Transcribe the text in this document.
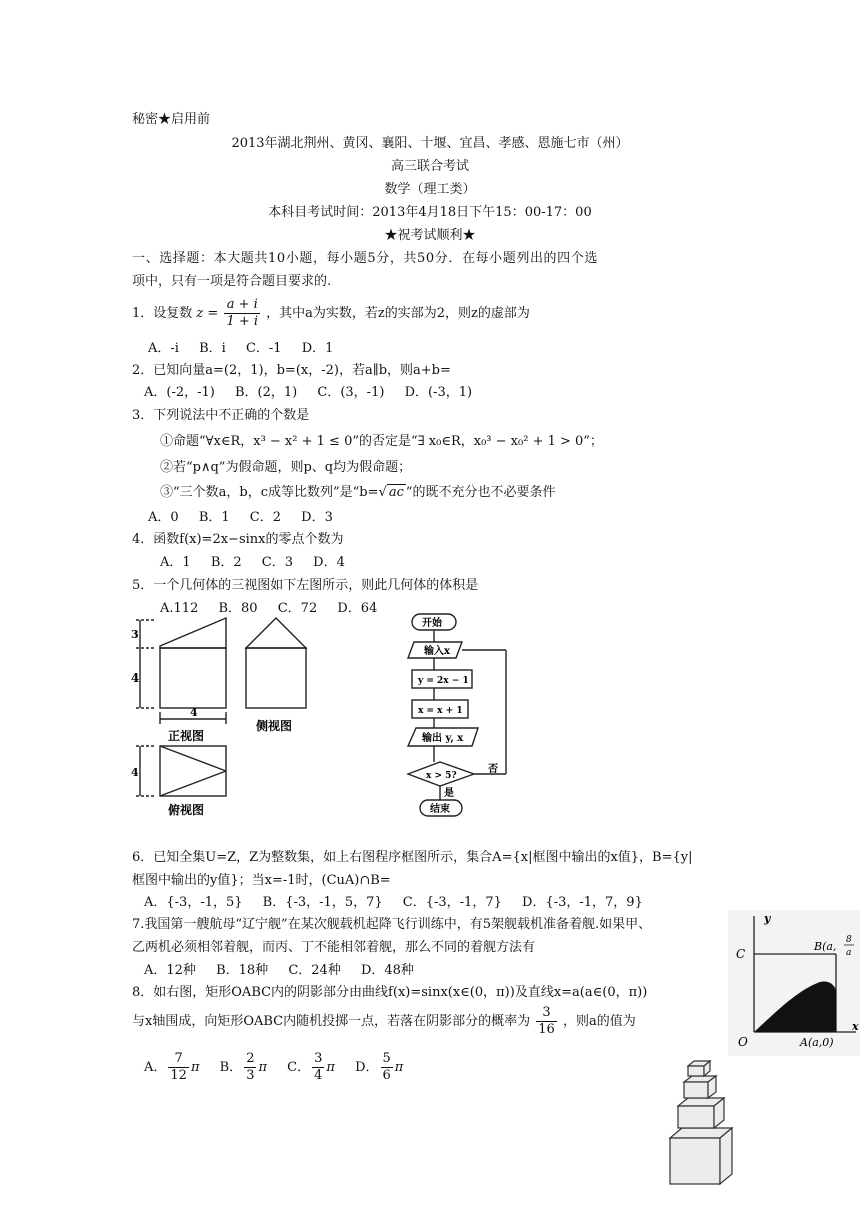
秘密★启用前
2013年湖北荆州、黄冈、襄阳、十堰、宜昌、孝感、恩施七市（州）
高三联合考试
数学（理工类）
本科目考试时间：2013年4月18日下午15：00-17：00
★祝考试顺利★
一、选择题：本大题共10小题，每小题5分，共50分．在每小题列出的四个选
项中，只有一项是符合题目要求的.
1．设复数 $z = \frac{a + i}{1 + i}$ ，其中a为实数，若z的实部为2，则z的虚部为
A．-i B．i C．-1 D．1
2．已知向量a=(2，1)，b=(x，-2)，若a∥b，则a+b=
A．(-2，-1) B．(2，1) C．(3，-1) D．(-3，1)
3．下列说法中不正确的个数是
①命题“∀x∈R，x³ − x² + 1 ≤ 0”的否定是“∃ x₀∈R，x₀³ − x₀² + 1 > 0”；
②若“p∧q”为假命题，则p、q均为假命题；
③“三个数a，b，c成等比数列”是“b=√ ac ”的既不充分也不必要条件
A．0 B．1 C．2 D．3
4．函数f(x)=2x−sinx的零点个数为
A．1 B．2 C．3 D．4
5．一个几何体的三视图如下左图所示，则此几何体的体积是
A.112 B．80 C．72 D．64
3
4
4
正视图
侧视图
4
俯视图
开始
输入x
y = 2x − 1
x = x + 1
输出 y, x
x > 5?
否
是
结束
6．已知全集U=Z，Z为整数集，如上右图程序框图所示，集合A={x|框图中输出的x值}，B={y|
框图中输出的y值}；当x=-1时，(CuA)∩B=
A．{-3，-1，5} B．{-3，-1，5，7} C．{-3，-1，7} D．{-3，-1，7，9}
7.我国第一艘航母“辽宁舰”在某次舰载机起降飞行训练中，有5架舰载机准备着舰.如果甲、
乙两机必须相邻着舰，而丙、丁不能相邻着舰，那么不同的着舰方法有
A．12种 B．18种 C．24种 D．48种
8．如右图，矩形OABC内的阴影部分由曲线f(x)=sinx(x∈(0，π))及直线x=a(a∈(0，π))
与x轴围成，向矩形OABC内随机投掷一点，若落在阴影部分的概率为 $\frac{3}{16}$ ，则a的值为
A． $\frac{7}{12}$ π B． $\frac{2}{3}$ π C． $\frac{3}{4}$ π D． $\frac{5}{6}$ π
y
x
C
O
B(a, 8
a
A(a,0)
